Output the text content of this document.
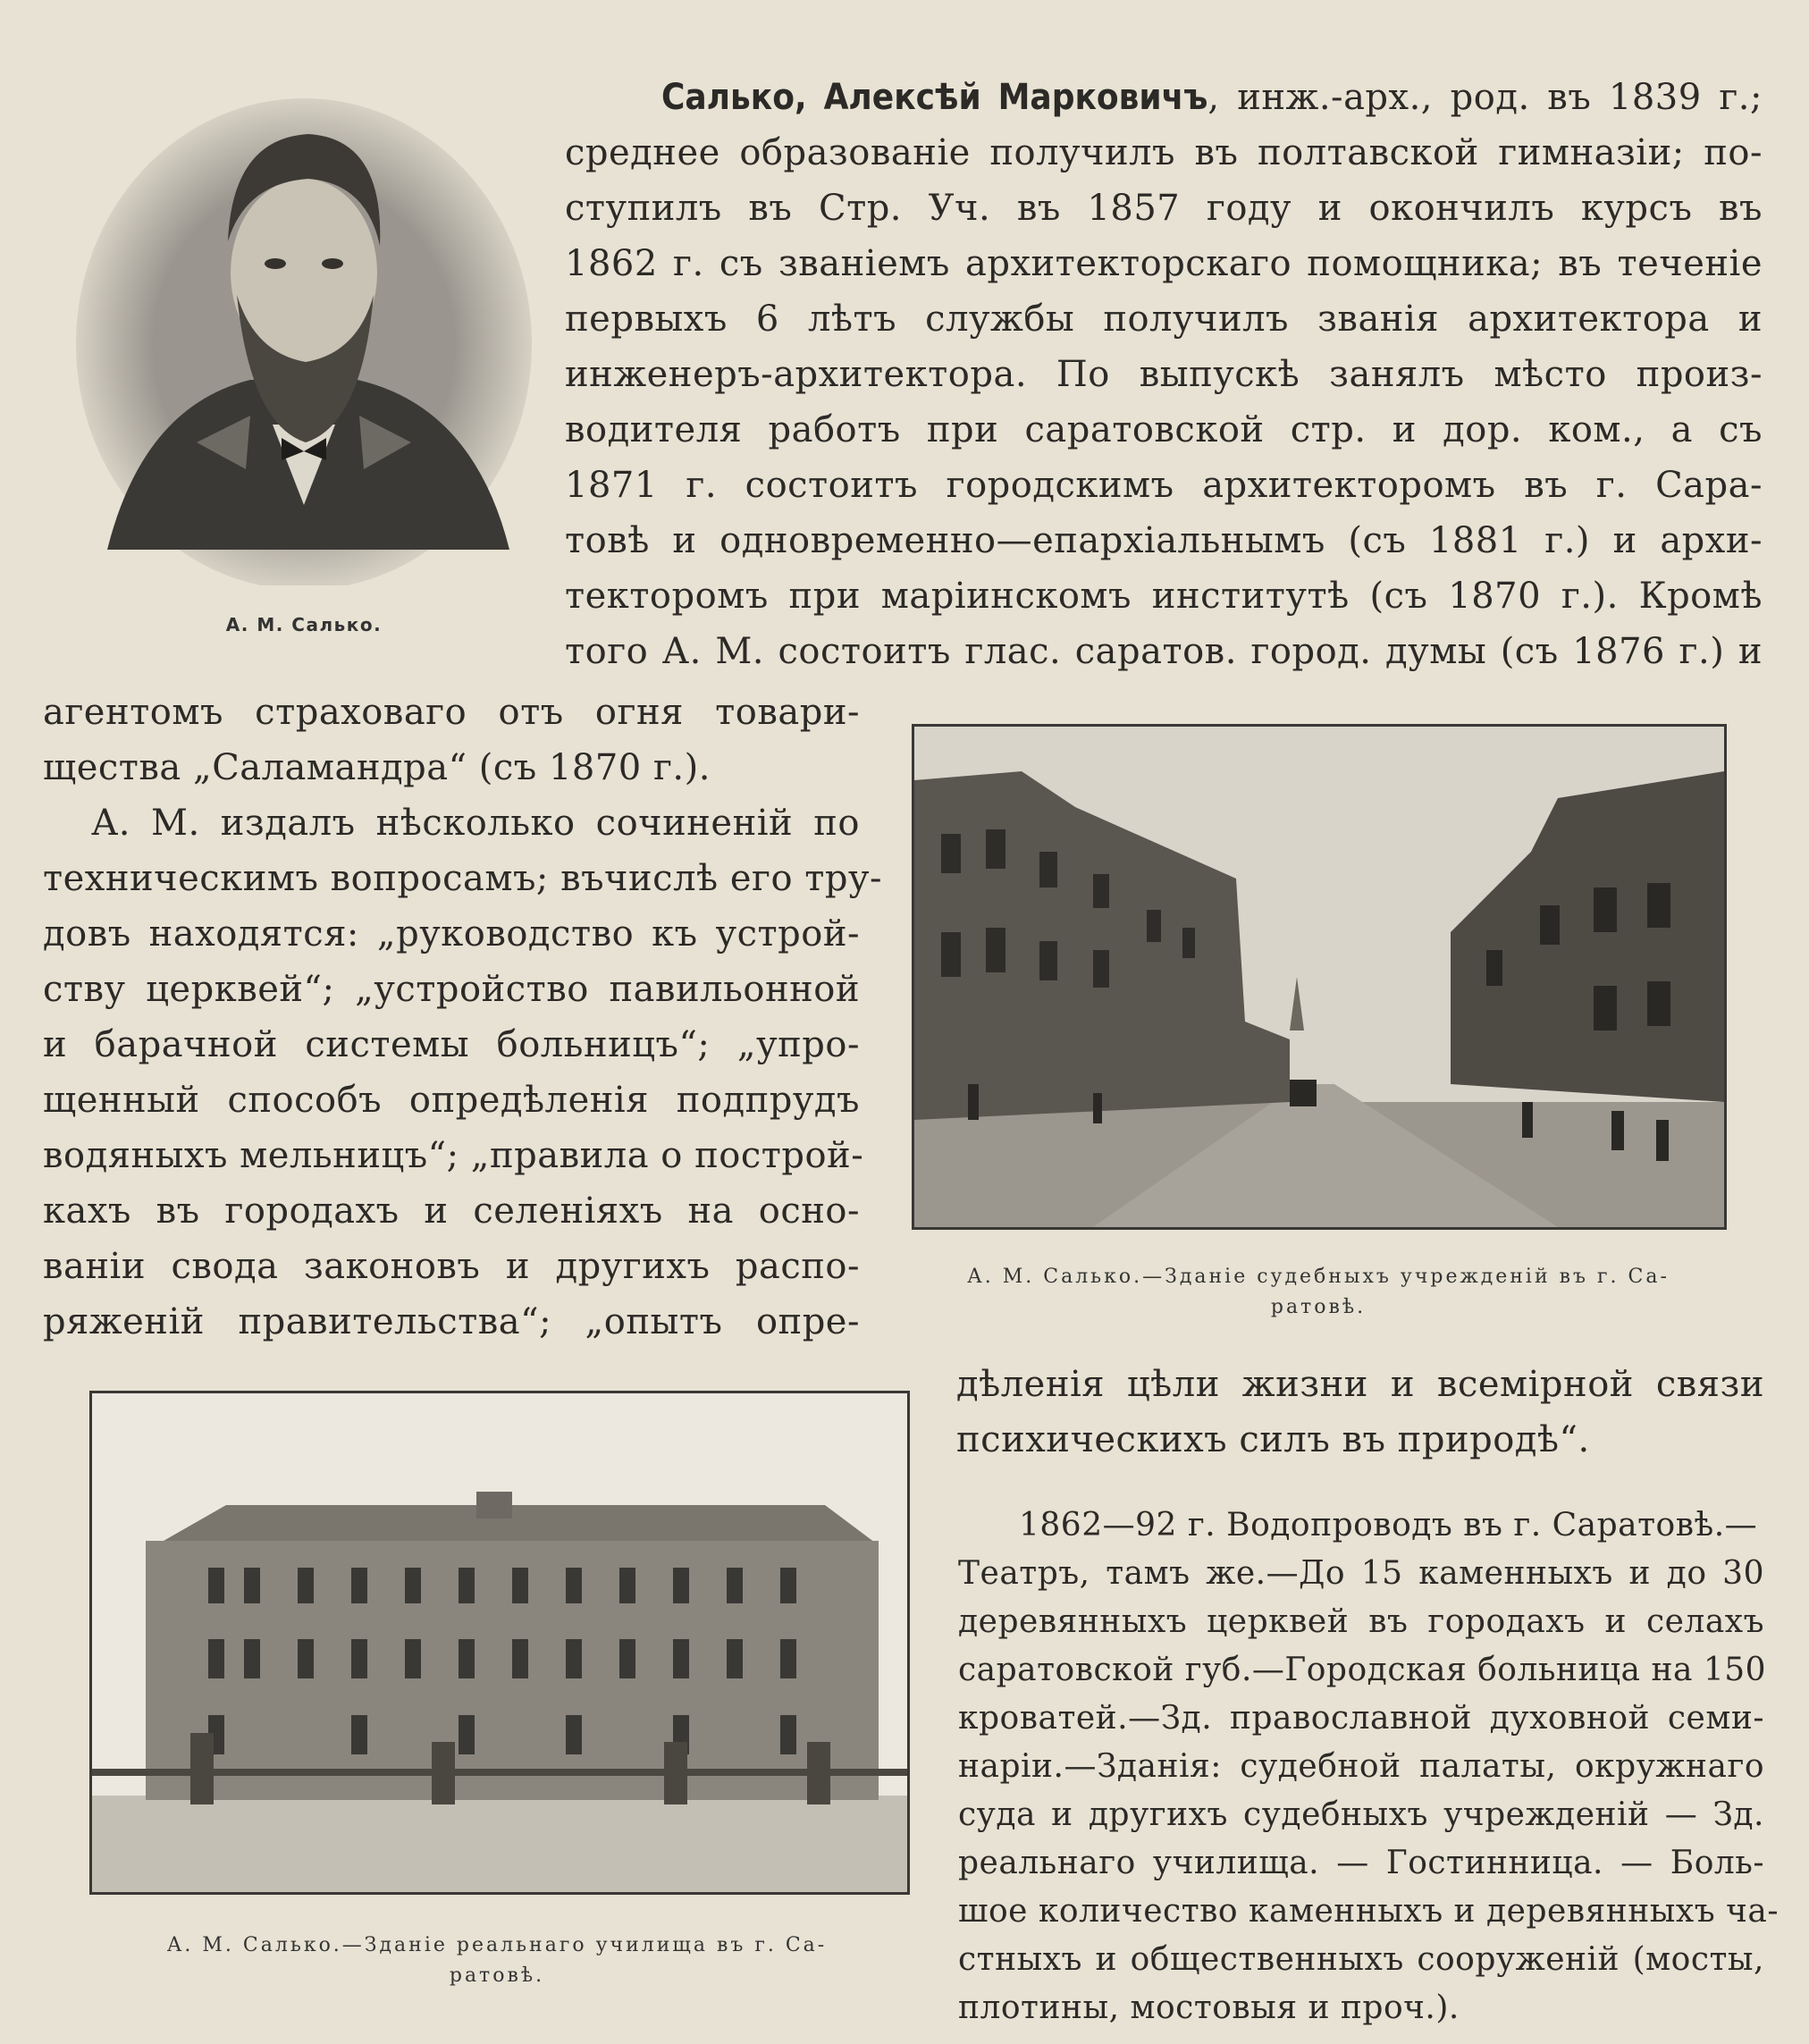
А. М. Салько.
Салько, Алексѣй Марковичъ, инж.-арх., род. въ 1839 г.;
среднее образованіе получилъ въ полтавской гимназіи; по-
ступилъ въ Стр. Уч. въ 1857 году и окончилъ курсъ въ
1862 г. съ званіемъ архитекторскаго помощника; въ теченіе
первыхъ 6 лѣтъ службы получилъ званія архитектора и
инженеръ-архитектора. По выпускѣ занялъ мѣсто произ-
водителя работъ при саратовской стр. и дор. ком., а съ
1871 г. состоитъ городскимъ архитекторомъ въ г. Сара-
товѣ и одновременно—епархіальнымъ (съ 1881 г.) и архи-
текторомъ при маріинскомъ институтѣ (съ 1870 г.). Кромѣ
того А. М. состоитъ глас. саратов. город. думы (съ 1876 г.) и
агентомъ страховаго отъ огня товари-
щества „Саламандра“ (съ 1870 г.).
А. М. издалъ нѣсколько сочиненій по
техническимъ вопросамъ; въчислѣ его тру-
довъ находятся: „руководство къ устрой-
ству церквей“; „устройство павильонной
и барачной системы больницъ“; „упро-
щенный способъ опредѣленія подпрудъ
водяныхъ мельницъ“; „правила о построй-
кахъ въ городахъ и селеніяхъ на осно-
ваніи свода законовъ и другихъ распо-
ряженій правительства“; „опытъ опре-
А. М. Салько.—Зданіе судебныхъ учрежденій въ г. Са-
ратовѣ.
дѣленія цѣли жизни и всемірной связи
психическихъ силъ въ природѣ“.
А. М. Салько.—Зданіе реальнаго училища въ г. Са-
ратовѣ.
1862—92 г. Водопроводъ въ г. Саратовѣ.—
Театръ, тамъ же.—До 15 каменныхъ и до 30
деревянныхъ церквей въ городахъ и селахъ
саратовской губ.—Городская больница на 150
кроватей.—Зд. православной духовной семи-
наріи.—Зданія: судебной палаты, окружнаго
суда и другихъ судебныхъ учрежденій — Зд.
реальнаго училища. — Гостинница. — Боль-
шое количество каменныхъ и деревянныхъ ча-
стныхъ и общественныхъ сооруженій (мосты,
плотины, мостовыя и проч.).
